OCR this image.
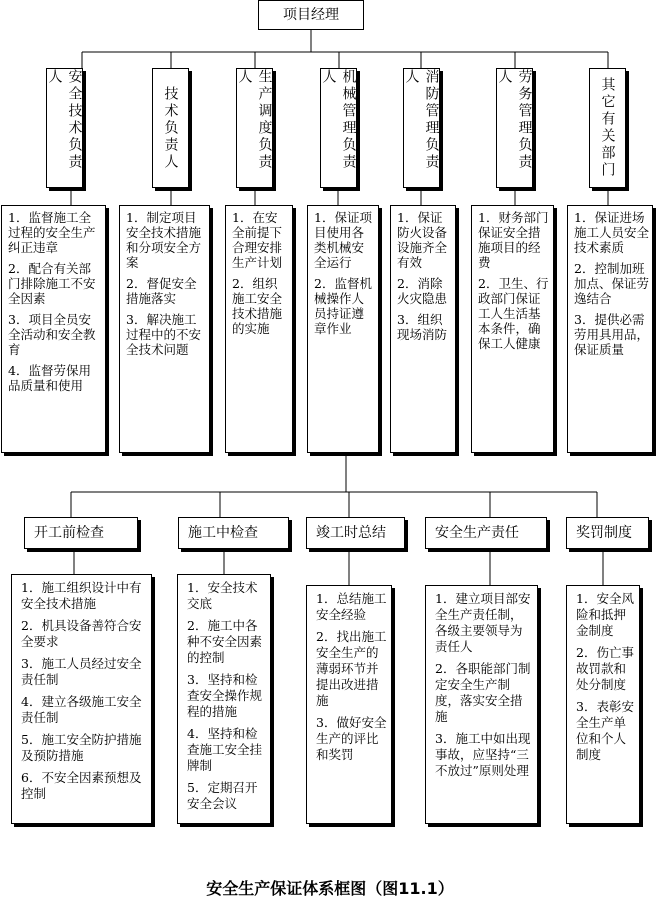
项目经理
安全技术负责人
技术负责人	生产调度负责人	机械管理负责人	消防管理负责人	劳务管理负责人	其它有关部门

1．监督施工全过程的安全生产纠正违章

2．配合有关部门排除施工不安全因素

3．项目全员安全活动和安全教育

4．监督劳保用品质量和使用

1．制定项目安全技术措施和分项安全方案

2．督促安全措施落实

3．解决施工过程中的不安全技术问题

1．在安全前提下合理安排生产计划

2．组织施工安全技术措施的实施

1．保证项目使用各类机械安全运行

2．监督机械操作人员持证遵章作业

1．保证防火设备设施齐全有效

2．消除火灾隐患

3．组织现场消防

1．财务部门保证安全措施项目的经费

2．卫生、行政部门保证工人生活基本条件，确保工人健康

1．保证进场施工人员安全技术素质

2．控制加班加点、保证劳逸结合

3．提供必需劳用具用品，保证质量

开工前检查	施工中检查	竣工时总结	安全生产责任	奖罚制度

1．施工组织设计中有安全技术措施

2．机具设备善符合安全要求

3．施工人员经过安全责任制

4．建立各级施工安全责任制

5．施工安全防护措施及预防措施

6．不安全因素预想及控制

1．安全技术交底

2．施工中各种不安全因素的控制

3．坚持和检查安全操作规程的措施

4．坚持和检查施工安全挂牌制

5．定期召开安全会议

1．总结施工安全经验

2．找出施工安全生产的薄弱环节并提出改进措施

3．做好安全生产的评比和奖罚

1．建立项目部安全生产责任制，各级主要领导为责任人

2．各职能部门制定安全生产制度，落实安全措施

3．施工中如出现事故，应坚持“三不放过”原则处理

1．安全风险和抵押金制度

2．伤亡事故罚款和处分制度

3．表彰安全生产单位和个人制度

安全生产保证体系框图（图11.1）
